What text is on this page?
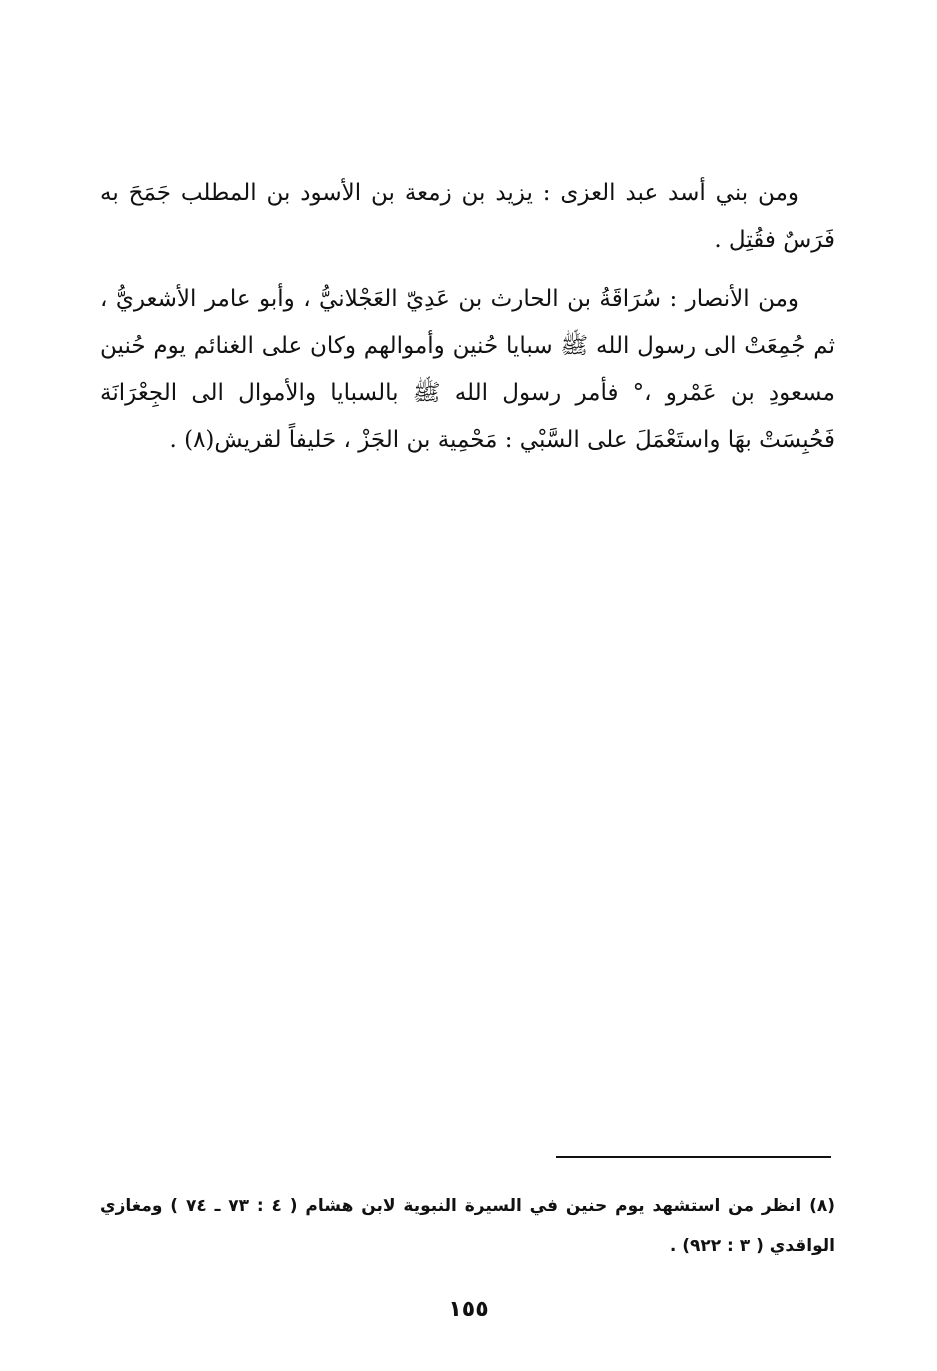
ومن بني أسد عبد العزى : يزيد بن زمعة بن الأسود بن المطلب جَمَحَ به فَرَسٌ فقُتِل .

ومن الأنصار : سُرَاقَةُ بن الحارث بن عَدِيّ العَجْلانيُّ ، وأبو عامر الأشعريُّ ، ثم جُمِعَتْ الى رسول الله ﷺ سبايا حُنين وأموالهم وكان على الغنائم يوم حُنين مسعودِ بن عَمْرو ،° فأمر رسول الله ﷺ بالسبايا والأموال الى الجِعْرَانَة فَحُبِسَتْ بهَا واستَعْمَلَ على السَّبْي : مَحْمِية بن الجَزْ ، حَليفاً لقريش(٨) .

(٨) انظر من استشهد يوم حنين في السيرة النبوية لابن هشام ( ٤ : ٧٣ ـ ٧٤ ) ومغازي الواقدي ( ٣ : ٩٢٢) .

١٥٥
